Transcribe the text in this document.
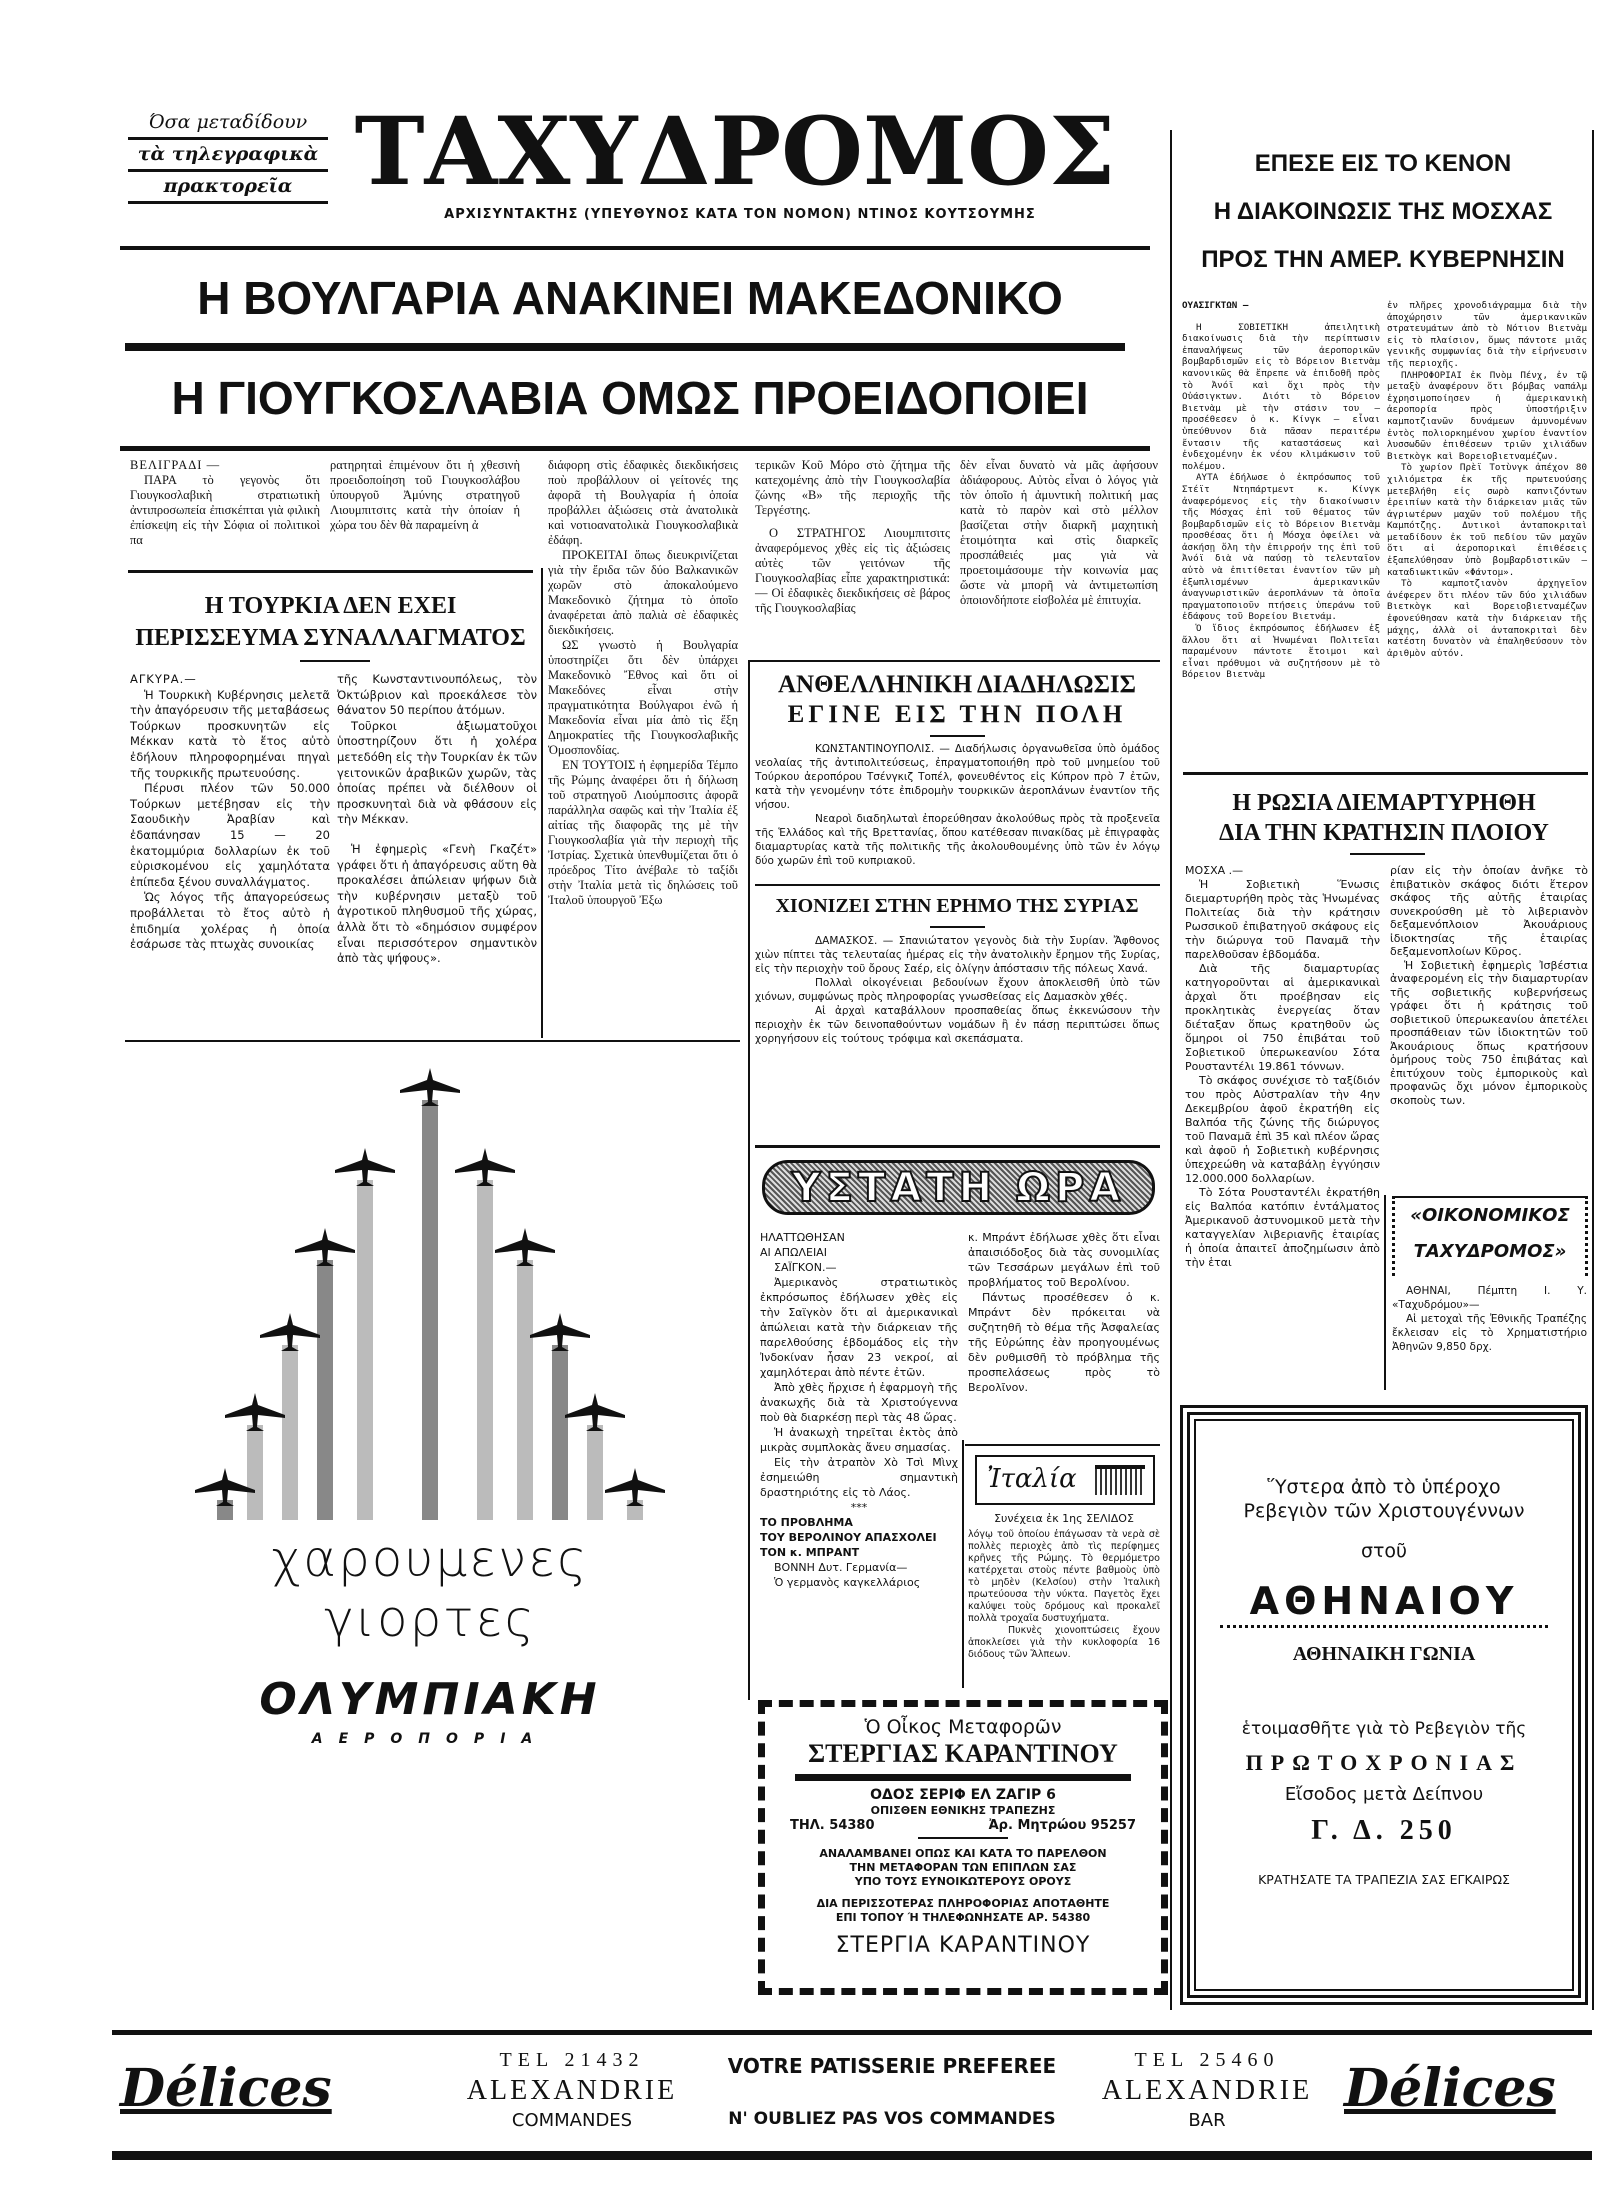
Όσα μεταδίδουν
τὰ τηλεγραφικὰ
πρακτορεῖα ΤΑΧΥΔΡΟΜΟΣ
ΑΡΧΙΣΥΝΤΑΚΤΗΣ (ΥΠΕΥΘΥΝΟΣ ΚΑΤΑ ΤΟΝ ΝΟΜΟΝ) ΝΤΙΝΟΣ ΚΟΥΤΣΟΥΜΗΣ
Η ΒΟΥΛΓΑΡΙΑ ΑΝΑΚΙΝΕΙ ΜΑΚΕΔΟΝΙΚΟ
Η ΓΙΟΥΓΚΟΣΛΑΒΙΑ ΟΜΩΣ ΠΡΟΕΙΔΟΠΟΙΕΙ

ΒΕΛΙΓΡΑΔΙ —

ΠΑΡΑ τὸ γεγονὸς ὅτι Γιουγκοσλαβικὴ στρατιωτικὴ ἀντιπροσωπεία ἐπισκέπται γιὰ φιλικὴ ἐπίσκεψη εἰς τὴν Σόφια οἱ πολιτικοὶ πα

ρατηρηταὶ ἐπιμένουν ὅτι ἡ χθεσινὴ προειδοποίηση τοῦ Γιουγκοσλάβου ὑπουργοῦ Ἀμύνης στρατηγοῦ Λιουμπιτσιτς κατὰ τὴν ὁποίαν ἡ χώρα του δὲν θὰ παραμείνη ἀ

διάφορη στὶς ἐδαφικὲς διεκδικήσεις ποὺ προβάλλουν οἱ γείτονές της ἀφορᾶ τὴ Βουλγαρία ἡ ὁποία προβάλλει ἀξιώσεις στὰ ἀνατολικὰ καὶ νοτιοανατολικὰ Γιουγκοσλαβικὰ ἐδάφη.

ΠΡΟΚΕΙΤΑΙ ὅπως διευκρινίζεται γιὰ τὴν ἔριδα τῶν δύο Βαλκανικῶν χωρῶν στὸ ἀποκαλούμενο Μακεδονικὸ ζήτημα τὸ ὁποῖο ἀναφέρεται ἀπὸ παλιὰ σὲ ἐδαφικὲς διεκδικήσεις.

ΩΣ γνωστὸ ἡ Βουλγαρία ὑποστηρίζει ὅτι δὲν ὑπάρχει Μακεδονικὸ Ἔθνος καὶ ὅτι οἱ Μακεδόνες εἶναι στὴν πραγματικότητα Βούλγαροι ἐνῶ ἡ Μακεδονία εἶναι μία ἀπὸ τὶς ἕξη Δημοκρατίες τῆς Γιουγκοσλαβικῆς Ὁμοσπονδίας.

ΕΝ ΤΟΥΤΟΙΣ ἡ ἐφημερίδα Τέμπο τῆς Ρώμης ἀναφέρει ὅτι ἡ δήλωση τοῦ στρατηγοῦ Λιούμποσιτς ἀφορᾶ παράλληλα σαφῶς καὶ τὴν Ἰταλία ἐξ αἰτίας τῆς διαφορᾶς της μὲ τὴν Γιουγκοσλαβία γιὰ τὴν περιοχὴ τῆς Ἰστρίας. Σχετικὰ ὑπενθυμίζεται ὅτι ὁ πρόεδρος Τίτο ἀνέβαλε τὸ ταξίδι στὴν Ἰταλία μετὰ τὶς δηλώσεις τοῦ Ἰταλοῦ ὑπουργοῦ Ἐξω

τερικῶν Κοῦ Μόρο στὸ ζήτημα τῆς κατεχομένης ἀπὸ τὴν Γιουγκοσλαβία ζώνης «Β» τῆς περιοχῆς τῆς Τεργέστης.

Ο ΣΤΡΑΤΗΓΟΣ Λιουμπιτσιτς ἀναφερόμενος χθὲς εἰς τὶς ἀξιώσεις αὐτὲς τῶν γειτόνων τῆς Γιουγκοσλαβίας εἶπε χαρακτηριστικά: — Οἱ ἐδαφικὲς διεκδικήσεις σὲ βάρος τῆς Γιουγκοσλαβίας

δὲν εἶναι δυνατὸ νὰ μᾶς ἀφήσουν ἀδιάφορους. Αὐτὸς εἶναι ὁ λόγος γιὰ τὸν ὁποῖο ἡ ἀμυντικὴ πολιτική μας κατὰ τὸ παρὸν καὶ στὸ μέλλον βασίζεται στὴν διαρκῆ μαχητικὴ ἑτοιμότητα καὶ στὶς διαρκεῖς προσπάθειές μας γιὰ νὰ προετοιμάσουμε τὴν κοινωνία μας ὥστε νὰ μπορῆ νὰ ἀντιμετωπίση ὁποιονδήποτε εἰσβολέα μὲ ἐπιτυχία.

Η ΤΟΥΡΚΙΑ ΔΕΝ ΕΧΕΙ
ΠΕΡΙΣΣΕΥΜΑ ΣΥΝΑΛΛΑΓΜΑΤΟΣ

ΑΓΚΥΡΑ.—

Ἡ Τουρκικὴ Κυβέρνησις μελετᾶ τὴν ἀπαγόρευσιν τῆς μεταβάσεως Τούρκων προσκυνητῶν εἰς Μέκκαν κατὰ τὸ ἔτος αὐτὸ ἐδήλουν πληροφορημέναι πηγαὶ τῆς τουρκικῆς πρωτευούσης.

Πέρυσι πλέον τῶν 50.000 Τούρκων μετέβησαν εἰς τὴν Σαουδικὴν Ἀραβίαν καὶ ἐδαπάνησαν 15 — 20 ἑκατομμύρια δολλαρίων ἐκ τοῦ εὑρισκομένου εἰς χαμηλότατα ἐπίπεδα ξένου συναλλάγματος.

Ὡς λόγος τῆς ἀπαγορεύσεως προβάλλεται τὸ ἔτος αὐτὸ ἡ ἐπιδημία χολέρας ἡ ὁποία ἐσάρωσε τὰς πτωχὰς συνοικίας

τῆς Κωνσταντινουπόλεως, τὸν Ὀκτώβριον καὶ προεκάλεσε τὸν θάνατον 50 περίπου ἀτόμων.

Τοῦρκοι ἀξιωματοῦχοι ὑποστηρίζουν ὅτι ἡ χολέρα μετεδόθη εἰς τὴν Τουρκίαν ἐκ τῶν γειτονικῶν ἀραβικῶν χωρῶν, τὰς ὁποίας πρέπει νὰ διέλθουν οἱ προσκυνηταὶ διὰ νὰ φθάσουν εἰς τὴν Μέκκαν.

Ἡ ἐφημερὶς «Γενὴ Γκαζέτ» γράφει ὅτι ἡ ἀπαγόρευσις αὕτη θὰ προκαλέσει ἀπώλειαν ψήφων διὰ τὴν κυβέρνησιν μεταξὺ τοῦ ἀγροτικοῦ πληθυσμοῦ τῆς χώρας, ἀλλὰ ὅτι τὸ «δημόσιον συμφέρον εἶναι περισσότερον σημαντικὸν ἀπὸ τὰς ψήφους».

χαρουμενες
γιορτες
ΟΛΥΜΠΙΑΚΗ
ΑΕΡΟΠΟΡΙΑ
ΑΝΘΕΛΛΗΝΙΚΗ ΔΙΑΔΗΛΩΣΙΣ
ΕΓΙΝΕ ΕΙΣ ΤΗΝ ΠΟΛΗ

ΚΩΝΣΤΑΝΤΙΝΟΥΠΟΛΙΣ. — Διαδήλωσις ὀργανωθεῖσα ὑπὸ ὁμάδος νεολαίας τῆς ἀντιπολιτεύσεως, ἐπραγματοποιήθη πρὸ τοῦ μνημείου τοῦ Τούρκου ἀεροπόρου Τσένγκιζ Τοπέλ, φονευθέντος εἰς Κύπρον πρὸ 7 ἐτῶν, κατὰ τὴν γενομένην τότε ἐπιδρομὴν τουρκικῶν ἀεροπλάνων ἐναντίον τῆς νήσου.

Νεαροὶ διαδηλωταὶ ἐπορεύθησαν ἀκολούθως πρὸς τὰ προξενεῖα τῆς Ἑλλάδος καὶ τῆς Βρεττανίας, ὅπου κατέθεσαν πινακίδας μὲ ἐπιγραφὰς διαμαρτυρίας κατὰ τῆς πολιτικῆς τῆς ἀκολουθουμένης ὑπὸ τῶν ἐν λόγῳ δύο χωρῶν ἐπὶ τοῦ κυπριακοῦ.

ΧΙΟΝΙΖΕΙ ΣΤΗΝ ΕΡΗΜΟ ΤΗΣ ΣΥΡΙΑΣ

ΔΑΜΑΣΚΟΣ. — Σπανιώτατον γεγονὸς διὰ τὴν Συρίαν. Ἄφθονος χιὼν πίπτει τὰς τελευταίας ἡμέρας εἰς τὴν ἀνατολικὴν ἔρημον τῆς Συρίας, εἰς τὴν περιοχὴν τοῦ ὄρους Σαέρ, εἰς ὀλίγην ἀπόστασιν τῆς πόλεως Χανά.

Πολλαὶ οἰκογένειαι βεδουίνων ἔχουν ἀποκλεισθῆ ὑπὸ τῶν χιόνων, συμφώνως πρὸς πληροφορίας γνωσθείσας εἰς Δαμασκὸν χθές.

Αἱ ἀρχαὶ καταβάλλουν προσπαθείας ὅπως ἐκκενώσουν τὴν περιοχὴν ἐκ τῶν δεινοπαθούντων νομάδων ἢ ἐν πάσῃ περιπτώσει ὅπως χορηγήσουν εἰς τούτους τρόφιμα καὶ σκεπάσματα.

ΥΣΤΑΤΗ ΩΡΑ

ΗΛΑΤΤΩΘΗΣΑΝ

ΑΙ ΑΠΩΛΕΙΑΙ

ΣΑΪΓΚΟΝ.—

Ἀμερικανὸς στρατιωτικὸς ἐκπρόσωπος ἐδήλωσεν χθὲς εἰς τὴν Σαϊγκὸν ὅτι αἱ ἀμερικανικαὶ ἀπώλειαι κατὰ τὴν διάρκειαν τῆς παρελθούσης ἑβδομάδος εἰς τὴν Ἰνδοκίναν ἦσαν 23 νεκροί, αἱ χαμηλότεραι ἀπὸ πέντε ἐτῶν.

Ἀπὸ χθὲς ἤρχισε ἡ ἐφαρμογὴ τῆς ἀνακωχῆς διὰ τὰ Χριστούγεννα ποὺ θὰ διαρκέσῃ περὶ τὰς 48 ὥρας.

Ἡ ἀνακωχὴ τηρεῖται ἐκτὸς ἀπὸ μικρὰς συμπλοκὰς ἄνευ σημασίας.

Εἰς τὴν ἀτραπὸν Χὸ Τσὶ Μὶνχ ἐσημειώθη σημαντικὴ δραστηριότης εἰς τὸ Λάος.

***

ΤΟ ΠΡΟΒΛΗΜΑ

ΤΟΥ ΒΕΡΟΛΙΝΟΥ ΑΠΑΣΧΟΛΕΙ

ΤΟΝ κ. ΜΠΡΑΝΤ

ΒΟΝΝΗ Δυτ. Γερμανία—

Ὁ γερμανὸς καγκελλάριος

κ. Μπράντ ἐδήλωσε χθὲς ὅτι εἶναι ἀπαισιόδοξος διὰ τὰς συνομιλίας τῶν Τεσσάρων μεγάλων ἐπὶ τοῦ προβλήματος τοῦ Βερολίνου.

Πάντως προσέθεσεν ὁ κ. Μπράντ δὲν πρόκειται νὰ συζητηθῆ τὸ θέμα τῆς Ἀσφαλείας τῆς Εὐρώπης ἐὰν προηγουμένως δὲν ρυθμισθῆ τὸ πρόβλημα τῆς προσπελάσεως πρὸς τὸ Βερολῖνον.

Ἰταλία

Συνέχεια ἐκ 1ης ΣΕΛΙΔΟΣ

λόγῳ τοῦ ὁποίου ἐπάγωσαν τὰ νερὰ σὲ πολλὲς περιοχὲς ἀπὸ τὶς περίφημες κρῆνες τῆς Ρώμης. Τὸ θερμόμετρο κατέρχεται στοὺς πέντε βαθμοὺς ὑπὸ τὸ μηδὲν (Κελσίου) στὴν Ἰταλικὴ πρωτεύουσα τὴν νύκτα. Παγετὸς ἔχει καλύψει τοὺς δρόμους καὶ προκαλεῖ πολλὰ τροχαῖα δυστυχήματα.

Πυκνὲς χιονοπτώσεις ἔχουν ἀποκλείσει γιὰ τὴν κυκλοφορία 16 διόδους τῶν Ἄλπεων.

Ὁ Οἶκος Μεταφορῶν
ΣΤΕΡΓΙΑΣ ΚΑΡΑΝΤΙΝΟΥ
ΟΔΟΣ ΣΕΡΙΦ ΕΛ ΖΑΓΙΡ 6
ΟΠΙΣΘΕΝ ΕΘΝΙΚΗΣ ΤΡΑΠΕΖΗΣ
ΤΗΛ. 54380	Ἀρ. Μητρώου 95257
ΑΝΑΛΑΜΒΑΝΕΙ ΟΠΩΣ ΚΑΙ ΚΑΤΑ ΤΟ ΠΑΡΕΛΘΟΝ
ΤΗΝ ΜΕΤΑΦΟΡΑΝ ΤΩΝ ΕΠΙΠΛΩΝ ΣΑΣ
ΥΠΟ ΤΟΥΣ ΕΥΝΟΙΚΩΤΕΡΟΥΣ ΟΡΟΥΣ
ΔΙΑ ΠΕΡΙΣΣΟΤΕΡΑΣ ΠΛΗΡΟΦΟΡΙΑΣ ΑΠΟΤΑΘΗΤΕ
ΕΠΙ ΤΟΠΟΥ Ή ΤΗΛΕΦΩΝΗΣΑΤΕ ΑΡ. 54380
ΣΤΕΡΓΙΑ ΚΑΡΑΝΤΙΝΟΥ
ΕΠΕΣΕ ΕΙΣ ΤΟ ΚΕΝΟΝ
Η ΔΙΑΚΟΙΝΩΣΙΣ ΤΗΣ ΜΟΣΧΑΣ
ΠΡΟΣ ΤΗΝ ΑΜΕΡ. ΚΥΒΕΡΝΗΣΙΝ

ΟΥΑΣΙΓΚΤΩΝ —

Η ΣΟΒΙΕΤΙΚΗ ἀπειλητικὴ διακοίνωσις διὰ τὴν περίπτωσιν ἐπαναλήψεως τῶν ἀεροπορικῶν βομβαρδισμῶν εἰς τὸ Βόρειον Βιετνὰμ κανονικῶς θὰ ἔπρεπε νὰ ἐπιδοθῆ πρὸς τὸ Ἀνόϊ καὶ ὄχι πρὸς τὴν Οὐάσιγκτων. Διότι τὸ Βόρειον Βιετνὰμ μὲ τὴν στάσιν του — προσέθεσεν ὁ κ. Κίνγκ — εἶναι ὑπεύθυνον διὰ πᾶσαν περαιτέρω ἔντασιν τῆς καταστάσεως καὶ ἐνδεχομένην ἐκ νέου κλιμάκωσιν τοῦ πολέμου.

ΑΥΤΑ ἐδήλωσε ὁ ἐκπρόσωπος τοῦ Στέϊτ Ντηπάρτμεντ κ. Κίνγκ ἀναφερόμενος εἰς τὴν διακοίνωσιν τῆς Μόσχας ἐπὶ τοῦ θέματος τῶν βομβαρδισμῶν εἰς τὸ Βόρειον Βιετνὰμ προσθέσας ὅτι ἡ Μόσχα ὀφείλει νὰ ἀσκήσῃ ὅλη τὴν ἐπιρροήν της ἐπὶ τοῦ Ἀνόϊ διὰ νὰ παύσῃ τὸ τελευταῖον αὐτὸ νὰ ἐπιτίθεται ἐναντίον τῶν μὴ ἐξωπλισμένων ἀμερικανικῶν ἀναγνωριστικῶν ἀεροπλάνων τὰ ὁποῖα πραγματοποιοῦν πτήσεις ὑπεράνω τοῦ ἐδάφους τοῦ Βορείου Βιετνάμ.

Ὁ ἴδιος ἐκπρόσωπος ἐδήλωσεν ἐξ ἄλλου ὅτι αἱ Ἡνωμέναι Πολιτεῖαι παραμένουν πάντοτε ἕτοιμοι καὶ εἶναι πρόθυμοι νὰ συζητήσουν μὲ τὸ Βόρειον Βιετνὰμ

ἐν πλῆρες χρονοδιάγραμμα διὰ τὴν ἀποχώρησιν τῶν ἀμερικανικῶν στρατευμάτων ἀπὸ τὸ Νότιον Βιετνὰμ εἰς τὸ πλαίσιον, ὅμως πάντοτε μιᾶς γενικῆς συμφωνίας διὰ τὴν εἰρήνευσιν τῆς περιοχῆς.

ΠΛΗΡΟΦΟΡΙΑΙ ἐκ Πνὸμ Πένχ, ἐν τῷ μεταξὺ ἀναφέρουν ὅτι βόμβας ναπάλμ ἐχρησιμοποίησεν ἡ ἀμερικανικὴ ἀεροπορία πρὸς ὑποστήριξιν καμποτζιανῶν δυνάμεων ἀμυνομένων ἐντὸς πολιορκημένου χωρίου ἐναντίον λυσσωδῶν ἐπιθέσεων τριῶν χιλιάδων Βιετκὸγκ καὶ Βορειοβιετναμέζων.

Τὸ χωρίον Πρὲϊ Τοτὺνγκ ἀπέχον 80 χιλιόμετρα ἐκ τῆς πρωτευούσης μετεβλήθη εἰς σωρὸ καπνιζόντων ἐρειπίων κατὰ τὴν διάρκειαν μιᾶς τῶν ἀγριωτέρων μαχῶν τοῦ πολέμου τῆς Καμπότζης. Δυτικοὶ ἀνταποκριταὶ μεταδίδουν ἐκ τοῦ πεδίου τῶν μαχῶν ὅτι αἱ ἀεροπορικαὶ ἐπιθέσεις ἐξαπελύθησαν ὑπὸ βομβαρδιστικῶν — καταδιωκτικῶν «Φάντομ».

Τὸ καμποτζιανὸν ἀρχηγεῖον ἀνέφερεν ὅτι πλέον τῶν δύο χιλιάδων Βιετκὸγκ καὶ Βορειοβιετναμέζων ἐφονεύθησαν κατὰ τὴν διάρκειαν τῆς μάχης, ἀλλὰ οἱ ἀνταποκριταὶ δὲν κατέστη δυνατὸν νὰ ἐπαληθεύσουν τὸν ἀριθμὸν αὐτόν.

Η ΡΩΣΙΑ ΔΙΕΜΑΡΤΥΡΗΘΗ
ΔΙΑ ΤΗΝ ΚΡΑΤΗΣΙΝ ΠΛΟΙΟΥ

ΜΟΣΧΑ .—

Ἡ Σοβιετικὴ Ἕνωσις διεμαρτυρήθη πρὸς τὰς Ἡνωμένας Πολιτείας διὰ τὴν κράτησιν Ρωσσικοῦ ἐπιβατηγοῦ σκάφους εἰς τὴν διώρυγα τοῦ Παναμᾶ τὴν παρελθοῦσαν ἑβδομάδα.

Διὰ τῆς διαμαρτυρίας κατηγοροῦνται αἱ ἀμερικανικαὶ ἀρχαὶ ὅτι προέβησαν εἰς προκλητικὰς ἐνεργείας ὅταν διέταξαν ὅπως κρατηθοῦν ὡς ὅμηροι οἱ 750 ἐπιβάται τοῦ Σοβιετικοῦ ὑπερωκεανίου Σότα Ρουσταντέλι 19.861 τόννων.

Τὸ σκάφος συνέχισε τὸ ταξίδιόν του πρὸς Αὐστραλίαν τὴν 4ην Δεκεμβρίου ἀφοῦ ἐκρατήθη εἰς Βαλπόα τῆς ζώνης τῆς διώρυγος τοῦ Παναμᾶ ἐπὶ 35 καὶ πλέον ὥρας καὶ ἀφοῦ ἡ Σοβιετικὴ κυβέρνησις ὑπεχρεώθη νὰ καταβάλῃ ἐγγύησιν 12.000.000 δολλαρίων.

Τὸ Σότα Ρουσταντέλι ἐκρατήθη εἰς Βαλπόα κατόπιν ἐντάλματος Ἀμερικανοῦ ἀστυνομικοῦ μετὰ τὴν καταγγελίαν λιβεριανῆς ἑταιρίας ἡ ὁποία ἀπαιτεῖ ἀποζημίωσιν ἀπὸ τὴν ἑται

ρίαν εἰς τὴν ὁποίαν ἀνῆκε τὸ ἐπιβατικὸν σκάφος διότι ἕτερον σκάφος τῆς αὐτῆς ἑταιρίας συνεκρούσθη μὲ τὸ λιβεριανὸν δεξαμενόπλοιον Ἀκουάριους ἰδιοκτησίας τῆς ἑταιρίας δεξαμενοπλοίων Κῦρος.

Ἡ Σοβιετικὴ ἐφημερὶς Ἰσβέστια ἀναφερομένη εἰς τὴν διαμαρτυρίαν τῆς σοβιετικῆς κυβερνήσεως γράφει ὅτι ἡ κράτησις τοῦ σοβιετικοῦ ὑπερωκεανίου ἀπετέλει προσπάθειαν τῶν ἰδιοκτητῶν τοῦ Ἀκουάριους ὅπως κρατήσουν ὁμήρους τοὺς 750 ἐπιβάτας καὶ ἐπιτύχουν τοὺς ἐμπορικοὺς καὶ προφανῶς ὄχι μόνον ἐμπορικοὺς σκοποὺς των.

«ΟΙΚΟΝΟΜΙΚΟΣ
ΤΑΧΥΔΡΟΜΟΣ»

ΑΘΗΝΑΙ, Πέμπτη Ι. Υ. «Ταχυδρόμου»—

Αἱ μετοχαὶ τῆς Ἐθνικῆς Τραπέζης ἔκλεισαν εἰς τὸ Χρηματιστήριο Ἀθηνῶν 9,850 δρχ.

Ὕστερα ἀπὸ τὸ ὑπέροχο
Ρεβεγιὸν τῶν Χριστουγέννων
στοῦ
ΑΘΗΝΑΙΟΥ
ΑΘΗΝΑΙΚΗ ΓΩΝΙΑ
ἑτοιμασθῆτε γιὰ τὸ Ρεβεγιὸν τῆς
ΠΡΩΤΟΧΡΟΝΙΑΣ
Εἴσοδος μετὰ Δείπνου
Γ. Δ. 250
ΚΡΑΤΗΣΑΤΕ ΤΑ ΤΡΑΠΕΖΙΑ ΣΑΣ ΕΓΚΑΙΡΩΣ
Délices	TEL 21432
ALEXANDRIE
COMMANDES
VOTRE PATISSERIE PREFEREE
N' OUBLIEZ PAS VOS COMMANDES
TEL 25460
ALEXANDRIE
BAR
Délices
